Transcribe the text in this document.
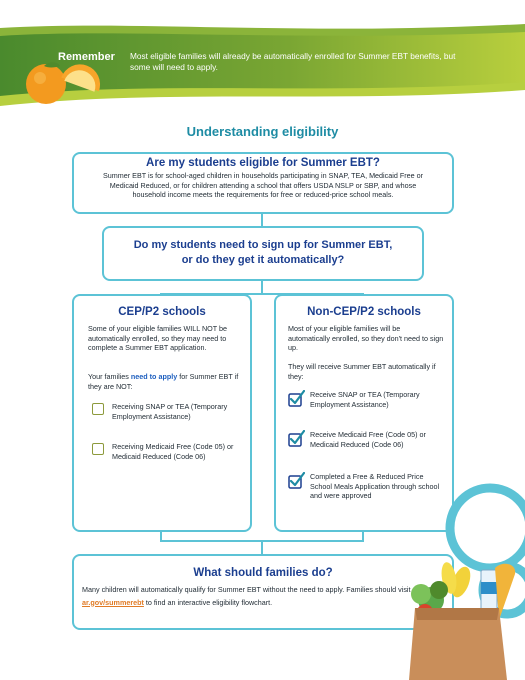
Remember Most eligible families will already be automatically enrolled for Summer EBT benefits, but some will need to apply.
Understanding eligibility
Are my students eligible for Summer EBT?
Summer EBT is for school-aged children in households participating in SNAP, TEA, Medicaid Free or Medicaid Reduced, or for children attending a school that offers USDA NSLP or SBP, and whose household income meets the requirements for free or reduced-price school meals.
Do my students need to sign up for Summer EBT,
or do they get it automatically?
CEP/P2 schools
Some of your eligible families WILL NOT be automatically enrolled, so they may need to complete a Summer EBT application.
Your families need to apply for Summer EBT if they are NOT:
Receiving SNAP or TEA (Temporary Employment Assistance)
Receiving Medicaid Free (Code 05) or Medicaid Reduced (Code 06)
Non-CEP/P2 schools
Most of your eligible families will be automatically enrolled, so they don't need to sign up.
They will receive Summer EBT automatically if they:
Receive SNAP or TEA (Temporary Employment Assistance)
Receive Medicaid Free (Code 05) or Medicaid Reduced (Code 06)
Completed a Free & Reduced Price School Meals Application through school and were approved
What should families do?
Many children will automatically qualify for Summer EBT without the need to apply. Families should visit ar.gov/summerebt to find an interactive eligibility flowchart.
